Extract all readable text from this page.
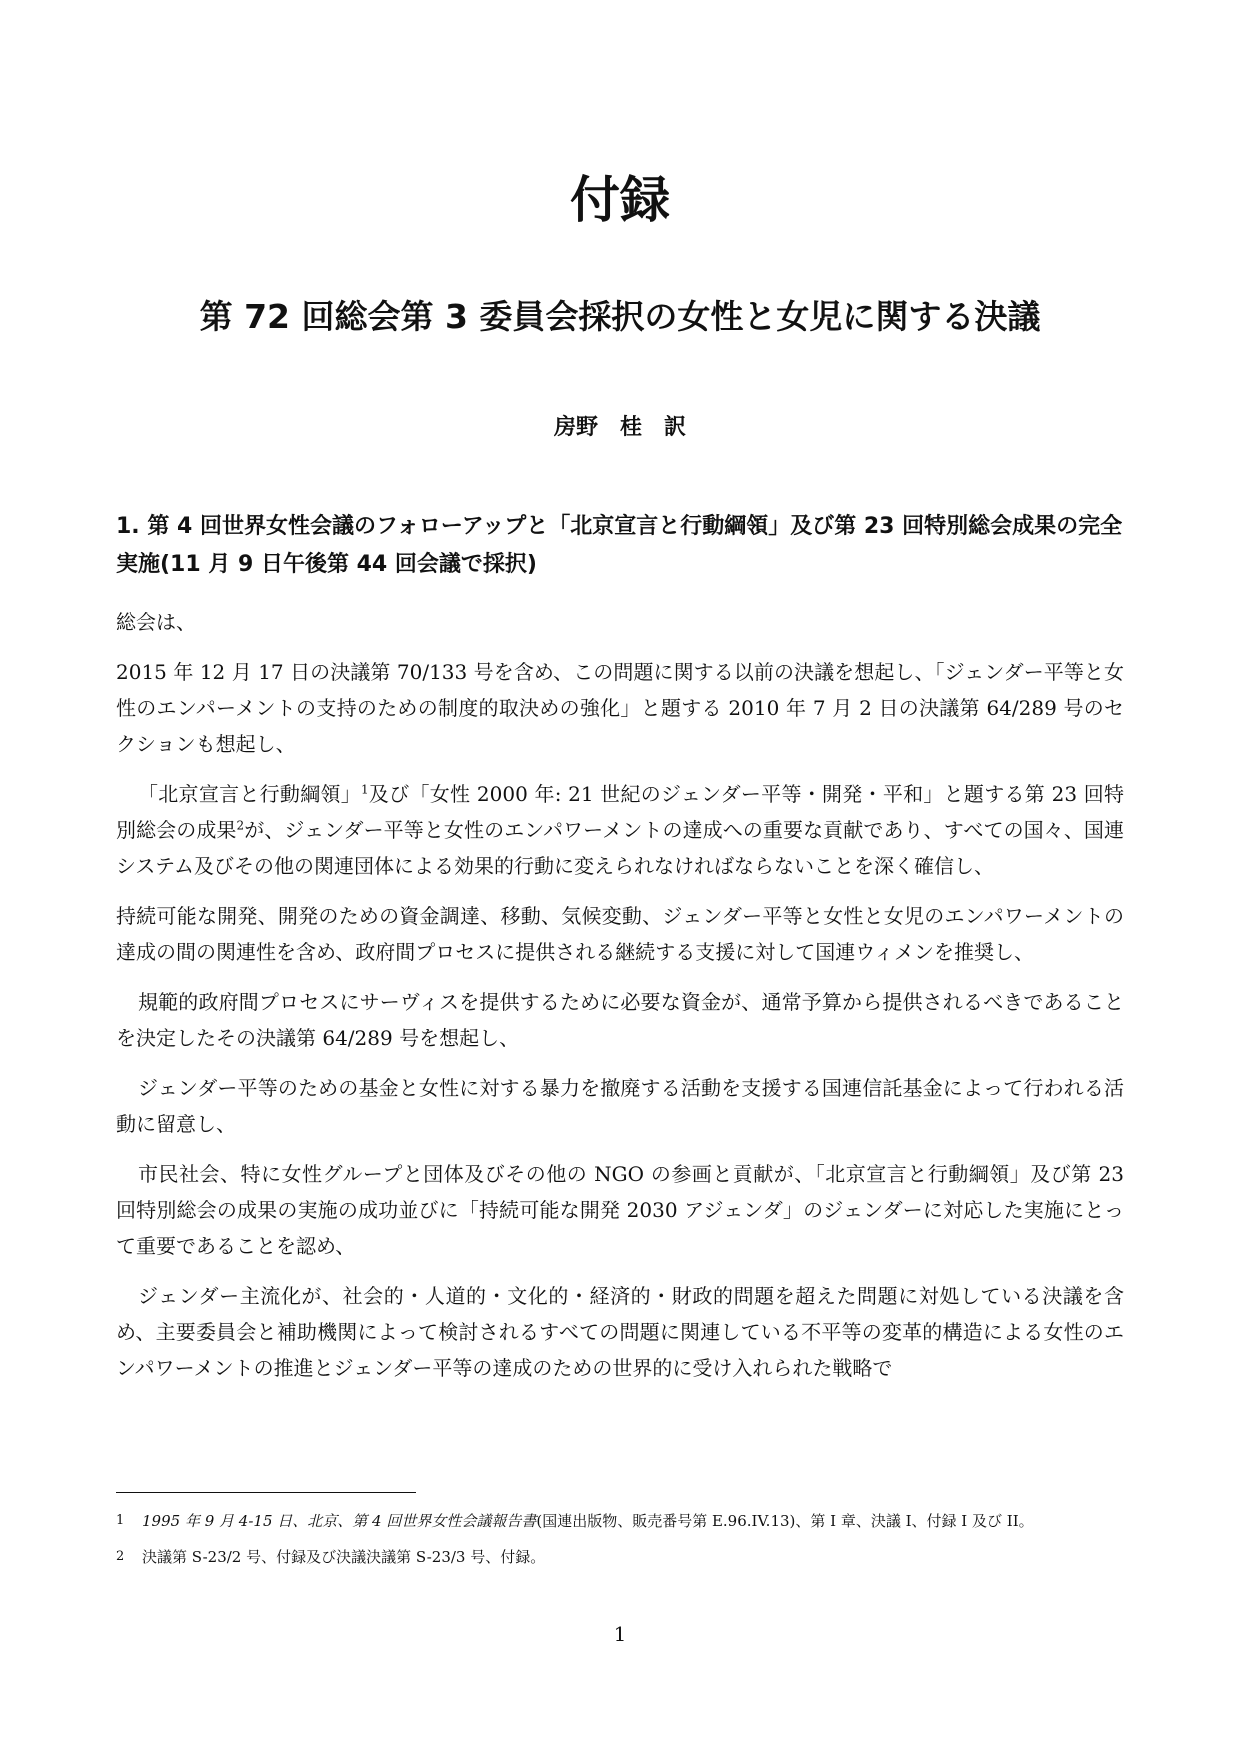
付録
第 72 回総会第 3 委員会採択の女性と女児に関する決議
房野　桂　訳
1. 第 4 回世界女性会議のフォローアップと「北京宣言と行動綱領」及び第 23 回特別総会成果の完全実施(11 月 9 日午後第 44 回会議で採択)

総会は、

2015 年 12 月 17 日の決議第 70/133 号を含め、この問題に関する以前の決議を想起し、「ジェンダー平等と女性のエンパーメントの支持のための制度的取決めの強化」と題する 2010 年 7 月 2 日の決議第 64/289 号のセクションも想起し、

「北京宣言と行動綱領」$^1$及び「女性 2000 年: 21 世紀のジェンダー平等・開発・平和」と題する第 23 回特別総会の成果$^2$が、ジェンダー平等と女性のエンパワーメントの達成への重要な貢献であり、すべての国々、国連システム及びその他の関連団体による効果的行動に変えられなければならないことを深く確信し、

持続可能な開発、開発のための資金調達、移動、気候変動、ジェンダー平等と女性と女児のエンパワーメントの達成の間の関連性を含め、政府間プロセスに提供される継続する支援に対して国連ウィメンを推奨し、

規範的政府間プロセスにサーヴィスを提供するために必要な資金が、通常予算から提供されるべきであることを決定したその決議第 64/289 号を想起し、

ジェンダー平等のための基金と女性に対する暴力を撤廃する活動を支援する国連信託基金によって行われる活動に留意し、

市民社会、特に女性グループと団体及びその他の NGO の参画と貢献が、「北京宣言と行動綱領」及び第 23 回特別総会の成果の実施の成功並びに「持続可能な開発 2030 アジェンダ」のジェンダーに対応した実施にとって重要であることを認め、

ジェンダー主流化が、社会的・人道的・文化的・経済的・財政的問題を超えた問題に対処している決議を含め、主要委員会と補助機関によって検討されるすべての問題に関連している不平等の変革的構造による女性のエンパワーメントの推進とジェンダー平等の達成のための世界的に受け入れられた戦略で

1 1995 年 9 月 4-15 日、北京、第 4 回世界女性会議報告書(国連出版物、販売番号第 E.96.IV.13)、第 I 章、決議 I、付録 I 及び II。
2 決議第 S-23/2 号、付録及び決議決議第 S-23/3 号、付録。
1
